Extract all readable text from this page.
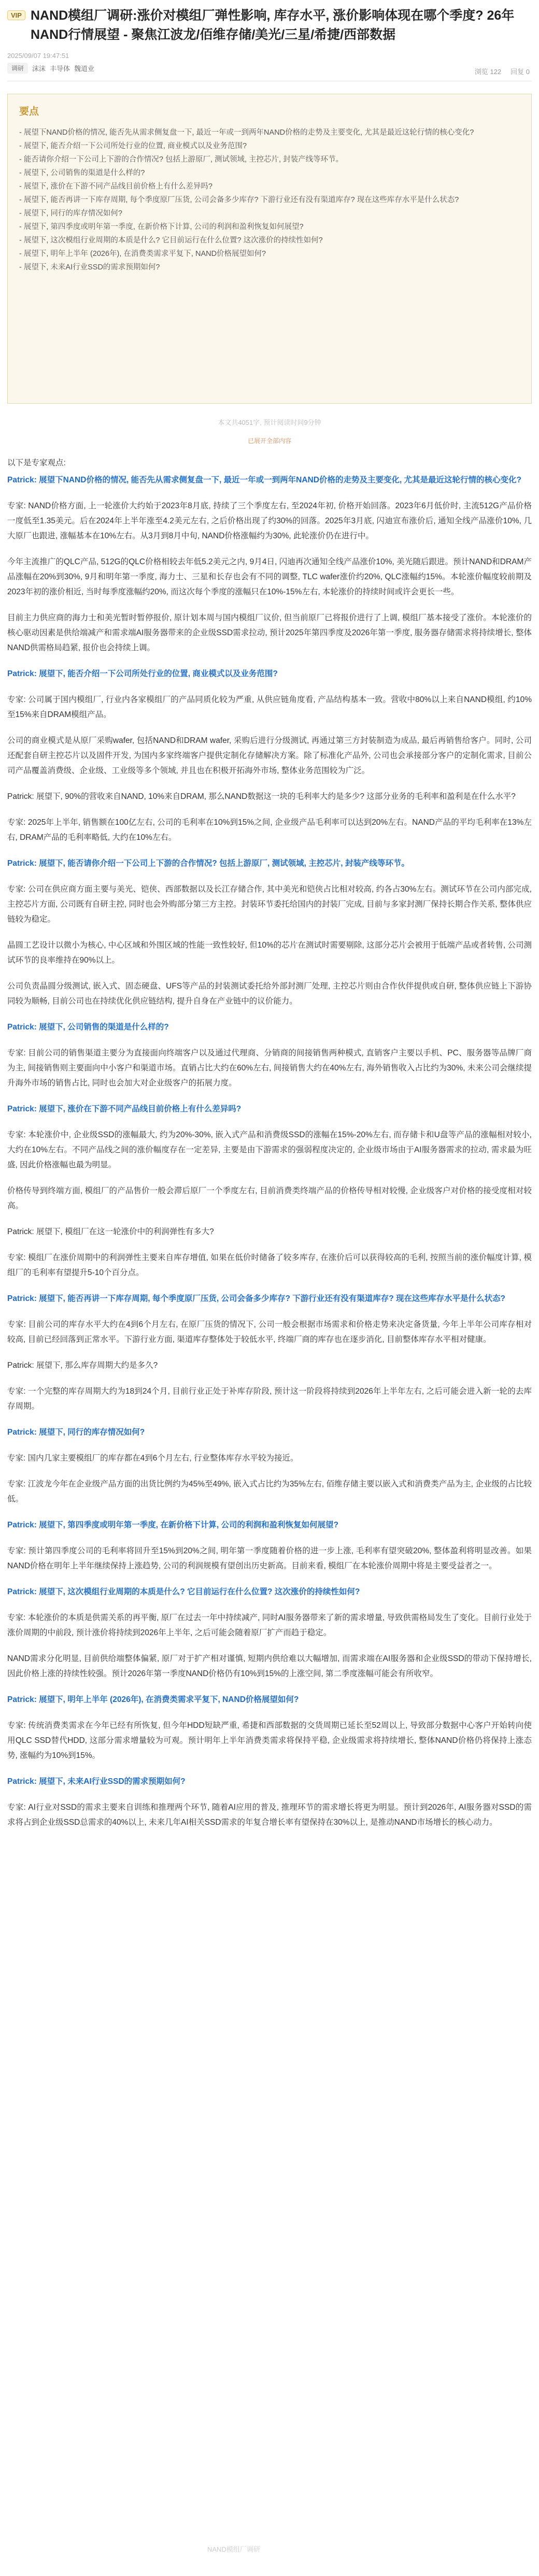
VIP NAND模组厂调研:涨价对模组厂弹性影响, 库存水平, 涨价影响体现在哪个季度? 26年NAND行情展望 - 聚焦江波龙/佰维存储/美光/三星/希捷/西部数据
2025/09/07 19:47:51
调研	沫沫 丰导体 魏道业	浏览 122 回复 0
要点
- 展望下NAND价格的情况, 能否先从需求侧复盘一下, 最近一年或一到两年NAND价格的走势及主要变化, 尤其是最近这轮行情的核心变化?
- 展望下, 能否介绍一下公司所处行业的位置, 商业模式以及业务范围?
- 能否请你介绍一下公司上下游的合作情况? 包括上游原厂, 测试领域, 主控芯片, 封装产线等环节。
- 展望下, 公司销售的渠道是什么样的?
- 展望下, 涨价在下游不同产品线目前价格上有什么差异吗?
- 展望下, 能否再讲一下库存周期, 每个季度原厂压货, 公司会备多少库存? 下游行业还有没有渠道库存? 现在这些库存水平是什么状态?
- 展望下, 同行的库存情况如何?
- 展望下, 第四季度或明年第一季度, 在新价格下计算, 公司的利润和盈利恢复如何展望?
- 展望下, 这次模组行业周期的本质是什么? 它目前运行在什么位置? 这次涨价的持续性如何?
- 展望下, 明年上半年 (2026年), 在消费类需求平复下, NAND价格展望如何?
- 展望下, 未来AI行业SSD的需求预期如何?
本文共4051字, 预计阅读时间9分钟
已展开全部内容

以下是专家观点:

Patrick: 展望下NAND价格的情况, 能否先从需求侧复盘一下, 最近一年或一到两年NAND价格的走势及主要变化, 尤其是最近这轮行情的核心变化?

专家: NAND价格方面, 上一轮涨价大约始于2023年8月底, 持续了三个季度左右, 至2024年初, 价格开始回落。2023年6月低价时, 主流512G产品价格一度低至1.35美元。后在2024年上半年涨至4.2美元左右, 之后价格出现了约30%的回落。2025年3月底, 闪迪宣布涨价后, 通知全线产品涨价10%, 几大原厂也跟进, 涨幅基本在10%左右。从3月到8月中旬, NAND价格涨幅约为30%, 此轮涨价仍在进行中。

今年主流推广的QLC产品, 512G的QLC价格相较去年低5.2美元之内, 9月4日, 闪迪再次通知全线产品涨价10%, 美光随后跟进。预计NAND和DRAM产品涨幅在20%到30%, 9月和明年第一季度, 海力士、三星和长存也会有不同的调整, TLC wafer涨价约20%, QLC涨幅约15%。本轮涨价幅度较前期及2023年初的涨价相近, 当时每季度涨幅约20%, 而这次每个季度的涨幅只在10%-15%左右, 本轮涨价的持续时间或许会更长一些。

目前主力供应商的海力士和美光暂时暂停报价, 原计划本周与国内模组厂议价, 但当前原厂已将报价进行了上调, 模组厂基本接受了涨价。本轮涨价的核心驱动因素是供给端减产和需求端AI服务器带来的企业级SSD需求拉动, 预计2025年第四季度及2026年第一季度, 服务器存储需求将持续增长, 整体NAND供需格局趋紧, 报价也会持续上调。

Patrick: 展望下, 能否介绍一下公司所处行业的位置, 商业模式以及业务范围?

专家: 公司属于国内模组厂, 行业内各家模组厂的产品同质化较为严重, 从供应链角度看, 产品结构基本一致。营收中80%以上来自NAND模组, 约10%至15%来自DRAM模组产品。

公司的商业模式是从原厂采购wafer, 包括NAND和DRAM wafer, 采购后进行分级测试, 再通过第三方封装制造为成品, 最后再销售给客户。同时, 公司还配套自研主控芯片以及固件开发, 为国内多家终端客户提供定制化存储解决方案。除了标准化产品外, 公司也会承接部分客户的定制化需求, 目前公司产品覆盖消费级、企业级、工业级等多个领域, 并且也在积极开拓海外市场, 整体业务范围较为广泛。

Patrick: 展望下, 90%的营收来自NAND, 10%来自DRAM, 那么NAND数据这一块的毛利率大约是多少? 这部分业务的毛利率和盈利是在什么水平?

专家: 2025年上半年, 销售额在100亿左右, 公司的毛利率在10%到15%之间, 企业级产品毛利率可以达到20%左右。NAND产品的平均毛利率在13%左右, DRAM产品的毛利率略低, 大约在10%左右。

Patrick: 展望下, 能否请你介绍一下公司上下游的合作情况? 包括上游原厂, 测试领域, 主控芯片, 封装产线等环节。

专家: 公司在供应商方面主要与美光、铠侠、西部数据以及长江存储合作, 其中美光和铠侠占比相对较高, 约各占30%左右。测试环节在公司内部完成, 主控芯片方面, 公司既有自研主控, 同时也会外购部分第三方主控。封装环节委托给国内的封装厂完成, 目前与多家封测厂保持长期合作关系, 整体供应链较为稳定。

晶圆工艺设计以微小为核心, 中心区域和外围区域的性能一致性较好, 但10%的芯片在测试时需要剔除, 这部分芯片会被用于低端产品或者转售, 公司测试环节的良率维持在90%以上。

公司负责晶圆分级测试, 嵌入式、固态硬盘、UFS等产品的封装测试委托给外部封测厂处理, 主控芯片则由合作伙伴提供或自研, 整体供应链上下游协同较为顺畅, 目前公司也在持续优化供应链结构, 提升自身在产业链中的议价能力。

Patrick: 展望下, 公司销售的渠道是什么样的?

专家: 目前公司的销售渠道主要分为直接面向终端客户以及通过代理商、分销商的间接销售两种模式, 直销客户主要以手机、PC、服务器等品牌厂商为主, 间接销售则主要面向中小客户和渠道市场。直销占比大约在60%左右, 间接销售大约在40%左右, 海外销售收入占比约为30%, 未来公司会继续提升海外市场的销售占比, 同时也会加大对企业级客户的拓展力度。

Patrick: 展望下, 涨价在下游不同产品线目前价格上有什么差异吗?

专家: 本轮涨价中, 企业级SSD的涨幅最大, 约为20%-30%, 嵌入式产品和消费级SSD的涨幅在15%-20%左右, 而存储卡和U盘等产品的涨幅相对较小, 大约在10%左右。不同产品线之间的涨价幅度存在一定差异, 主要是由下游需求的强弱程度决定的, 企业级市场由于AI服务器需求的拉动, 需求最为旺盛, 因此价格涨幅也最为明显。

价格传导到终端方面, 模组厂的产品售价一般会滞后原厂一个季度左右, 目前消费类终端产品的价格传导相对较慢, 企业级客户对价格的接受度相对较高。

Patrick: 展望下, 模组厂在这一轮涨价中的利润弹性有多大?

专家: 模组厂在涨价周期中的利润弹性主要来自库存增值, 如果在低价时储备了较多库存, 在涨价后可以获得较高的毛利, 按照当前的涨价幅度计算, 模组厂的毛利率有望提升5-10个百分点。

Patrick: 展望下, 能否再讲一下库存周期, 每个季度原厂压货, 公司会备多少库存? 下游行业还有没有渠道库存? 现在这些库存水平是什么状态?

专家: 目前公司的库存水平大约在4到6个月左右, 在原厂压货的情况下, 公司一般会根据市场需求和价格走势来决定备货量, 今年上半年公司库存相对较高, 目前已经回落到正常水平。下游行业方面, 渠道库存整体处于较低水平, 终端厂商的库存也在逐步消化, 目前整体库存水平相对健康。

Patrick: 展望下, 那么库存周期大约是多久?

专家: 一个完整的库存周期大约为18到24个月, 目前行业正处于补库存阶段, 预计这一阶段将持续到2026年上半年左右, 之后可能会进入新一轮的去库存周期。

Patrick: 展望下, 同行的库存情况如何?

专家: 国内几家主要模组厂的库存都在4到6个月左右, 行业整体库存水平较为接近。

专家: 江波龙今年在企业级产品方面的出货比例约为45%至49%, 嵌入式占比约为35%左右, 佰维存储主要以嵌入式和消费类产品为主, 企业级的占比较低。

Patrick: 展望下, 第四季度或明年第一季度, 在新价格下计算, 公司的利润和盈利恢复如何展望?

专家: 预计第四季度公司的毛利率将回升至15%到20%之间, 明年第一季度随着价格的进一步上涨, 毛利率有望突破20%, 整体盈利将明显改善。如果NAND价格在明年上半年继续保持上涨趋势, 公司的利润规模有望创出历史新高。目前来看, 模组厂在本轮涨价周期中将是主要受益者之一。

Patrick: 展望下, 这次模组行业周期的本质是什么? 它目前运行在什么位置? 这次涨价的持续性如何?

专家: 本轮涨价的本质是供需关系的再平衡, 原厂在过去一年中持续减产, 同时AI服务器带来了新的需求增量, 导致供需格局发生了变化。目前行业处于涨价周期的中前段, 预计涨价将持续到2026年上半年, 之后可能会随着原厂扩产而趋于稳定。

NAND需求分化明显, 目前供给端整体偏紧, 原厂对于扩产相对谨慎, 短期内供给难以大幅增加, 而需求端在AI服务器和企业级SSD的带动下保持增长, 因此价格上涨的持续性较强。预计2026年第一季度NAND价格仍有10%到15%的上涨空间, 第二季度涨幅可能会有所收窄。

Patrick: 展望下, 明年上半年 (2026年), 在消费类需求平复下, NAND价格展望如何?

专家: 传统消费类需求在今年已经有所恢复, 但今年HDD短缺严重, 希捷和西部数据的交货周期已延长至52周以上, 导致部分数据中心客户开始转向使用QLC SSD替代HDD, 这部分需求增量较为可观。预计明年上半年消费类需求将保持平稳, 企业级需求将持续增长, 整体NAND价格仍将保持上涨态势, 涨幅约为10%到15%。

Patrick: 展望下, 未来AI行业SSD的需求预期如何?

专家: AI行业对SSD的需求主要来自训练和推理两个环节, 随着AI应用的普及, 推理环节的需求增长将更为明显。预计到2026年, AI服务器对SSD的需求将占到企业级SSD总需求的40%以上, 未来几年AI相关SSD需求的年复合增长率有望保持在30%以上, 是推动NAND市场增长的核心动力。

NAND模组厂调研
